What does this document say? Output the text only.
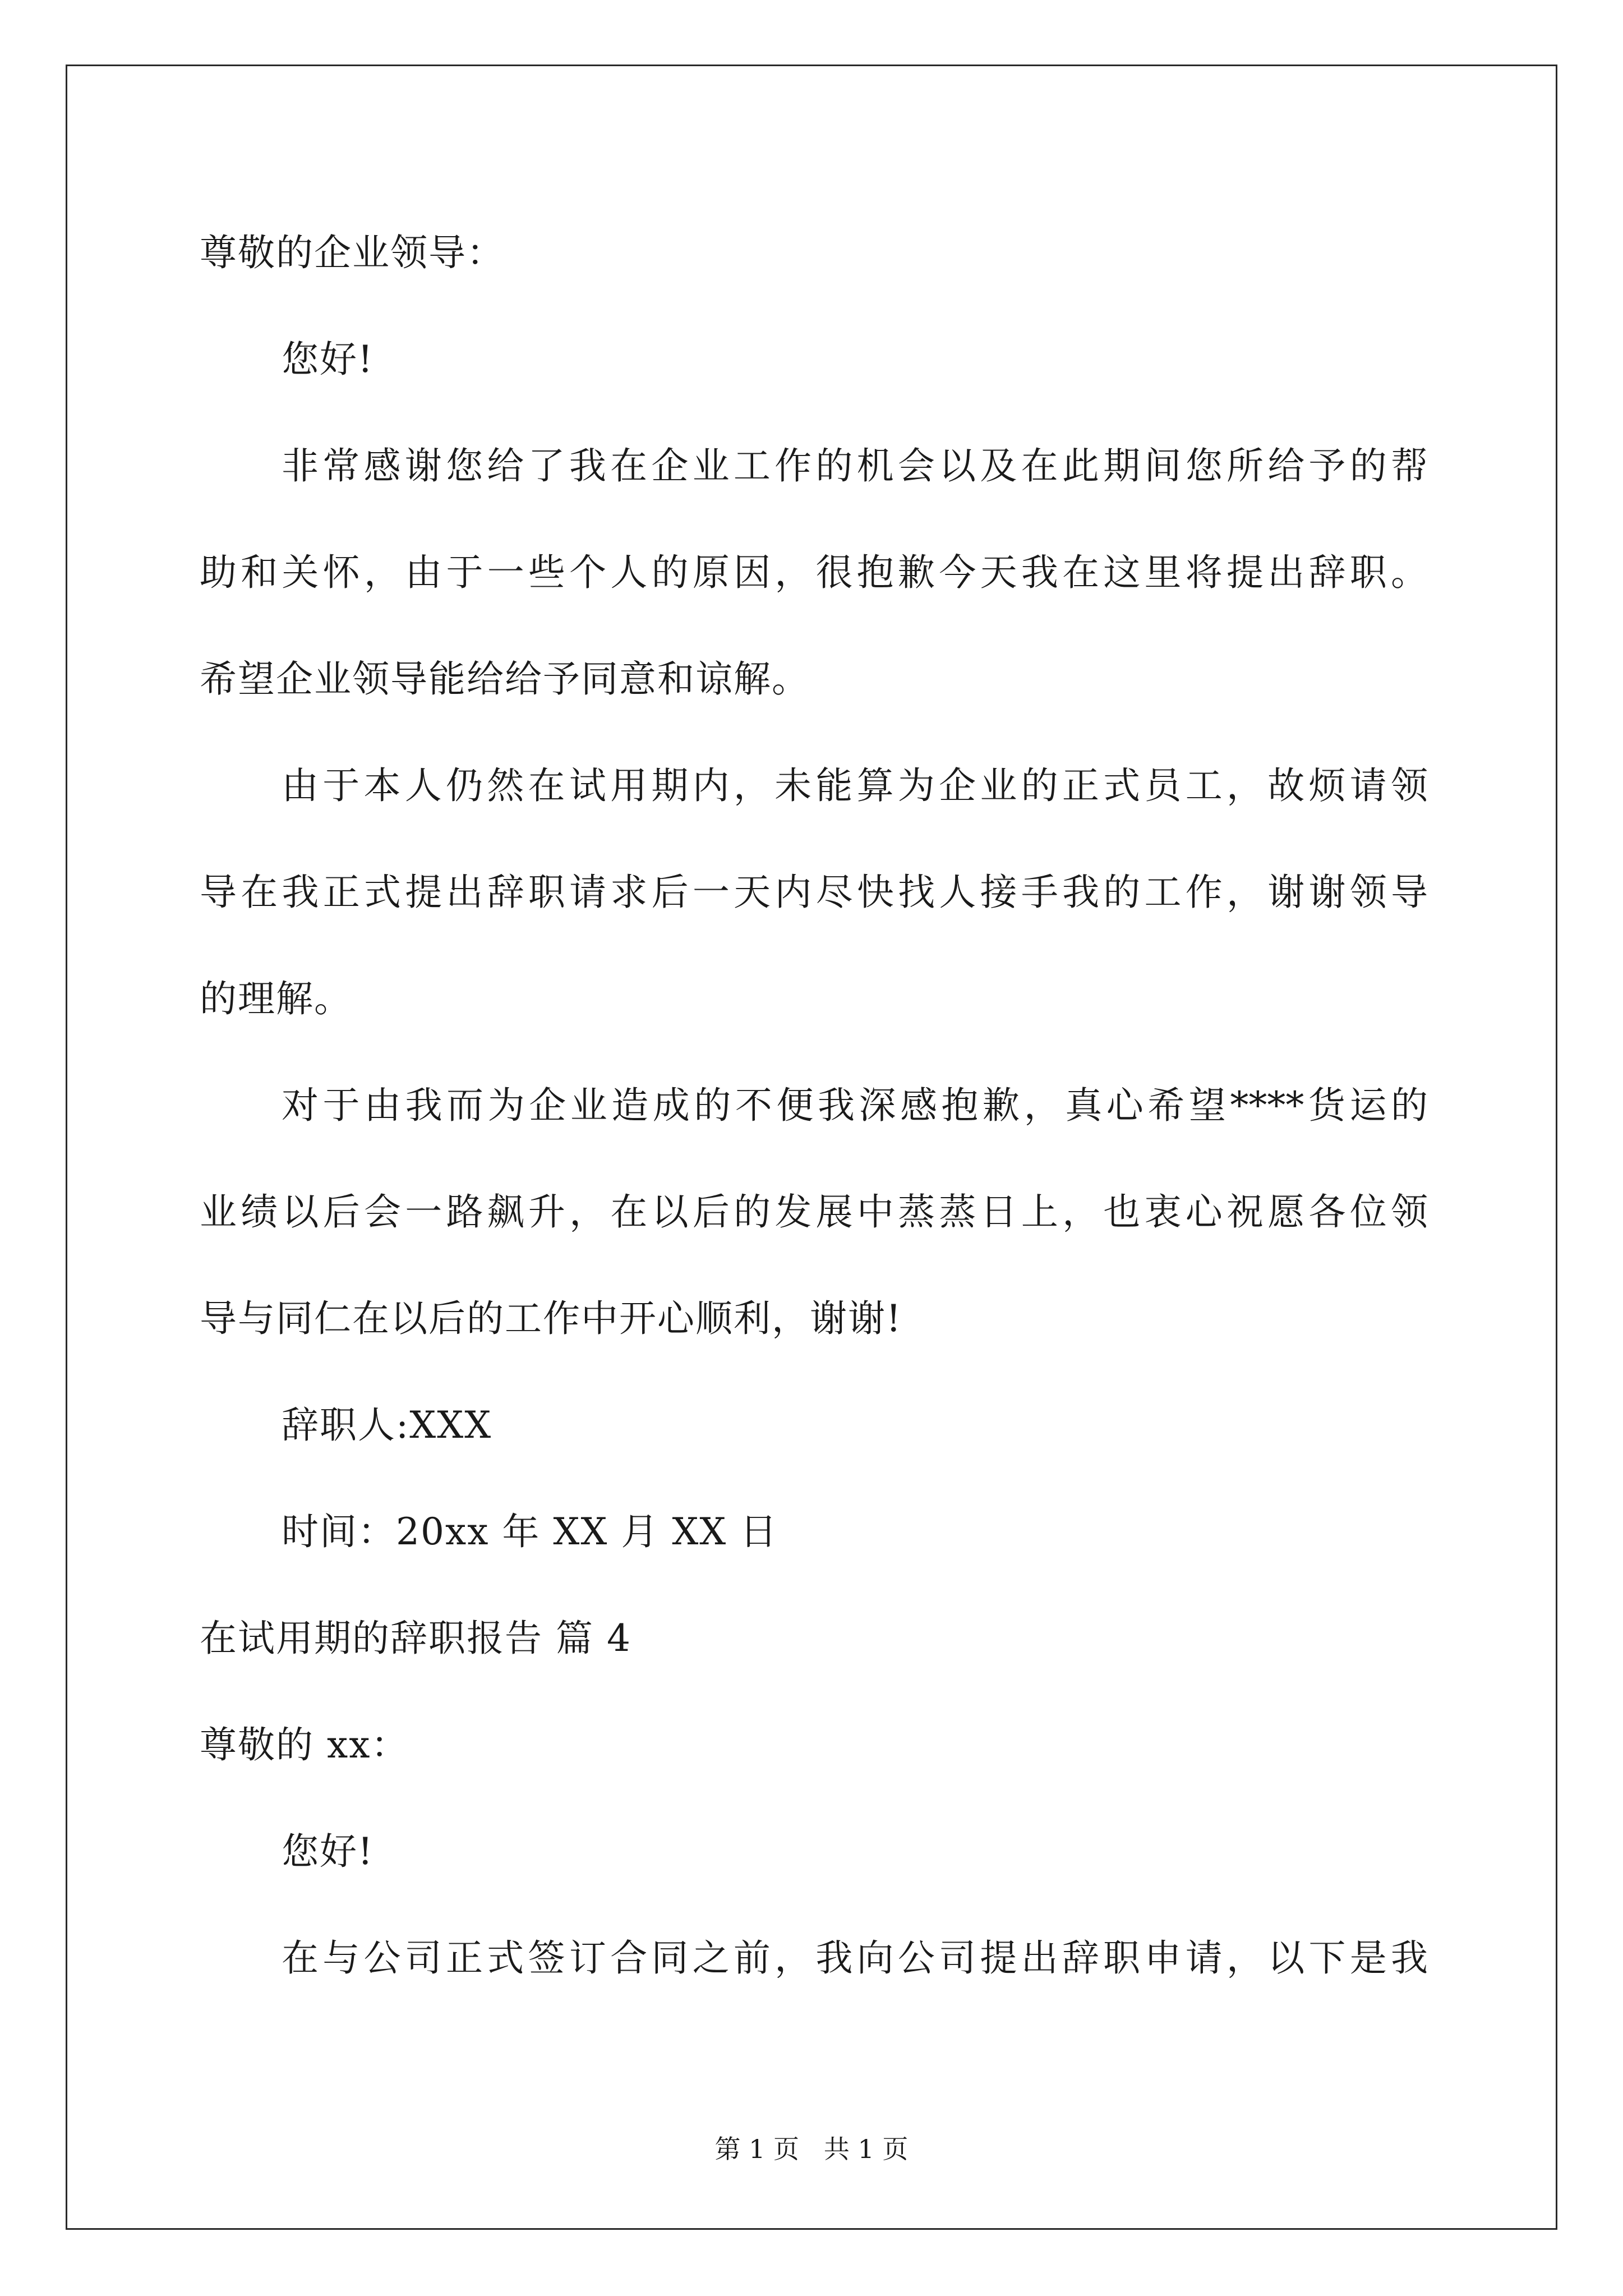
尊敬的企业领导：
您好!
非常感谢您给了我在企业工作的机会以及在此期间您所给予的帮
助和关怀，由于一些个人的原因，很抱歉今天我在这里将提出辞职。
希望企业领导能给给予同意和谅解。
由于本人仍然在试用期内，未能算为企业的正式员工，故烦请领
导在我正式提出辞职请求后一天内尽快找人接手我的工作，谢谢领导
的理解。
对于由我而为企业造成的不便我深感抱歉，真心希望****货运的
业绩以后会一路飙升，在以后的发展中蒸蒸日上，也衷心祝愿各位领
导与同仁在以后的工作中开心顺利，谢谢!
辞职人:XXX
时间：20xx 年 XX 月 XX 日
在试用期的辞职报告 篇 4
尊敬的 xx：
您好!
在与公司正式签订合同之前，我向公司提出辞职申请，以下是我
第 1 页   共 1 页
